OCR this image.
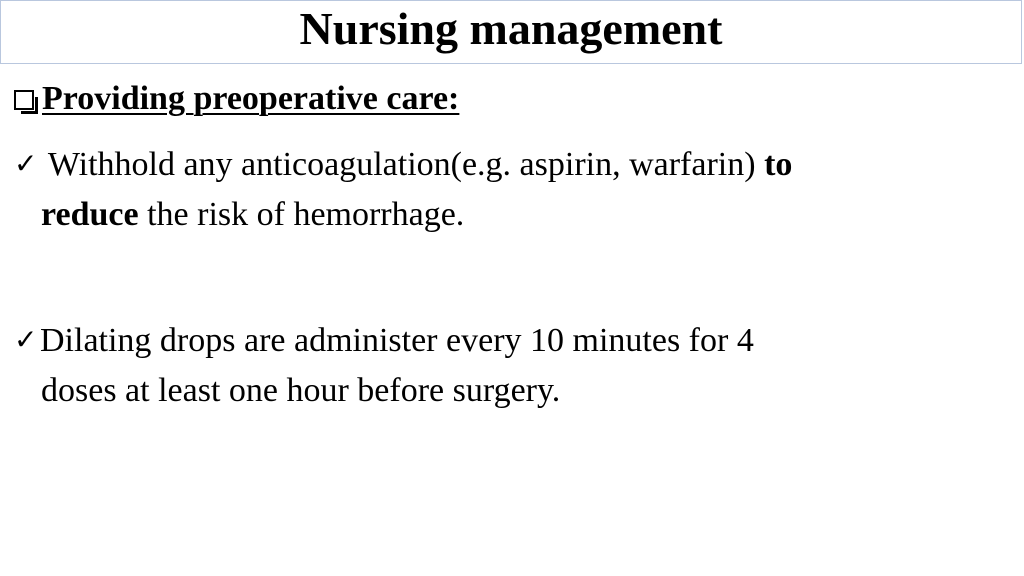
Nursing management
Providing preoperative care:
✓ Withhold any anticoagulation(e.g. aspirin, warfarin) to
reduce the risk of hemorrhage.
✓Dilating drops are administer every 10 minutes for 4
doses at least one hour before surgery.
